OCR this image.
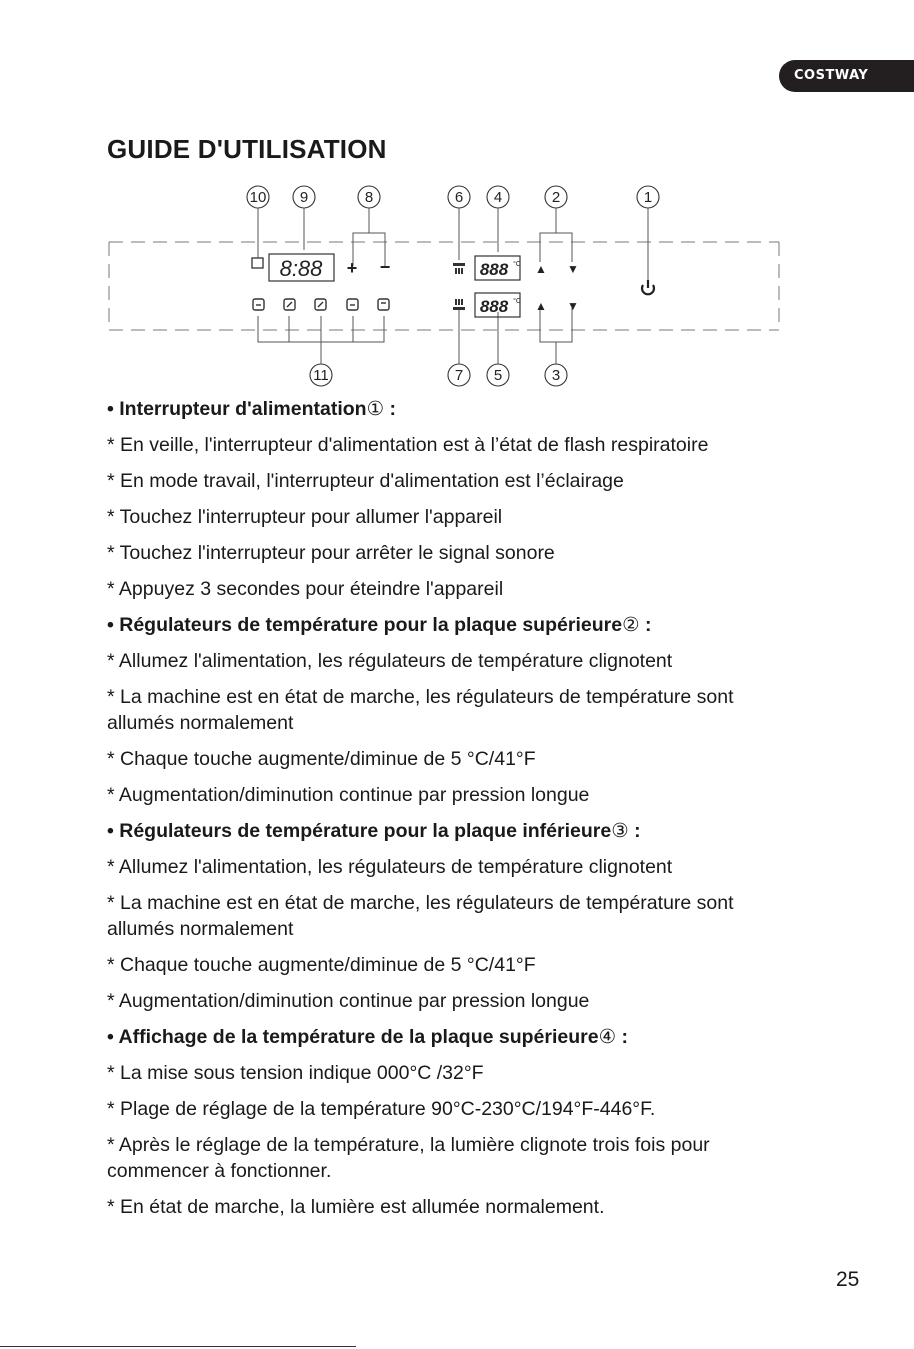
COSTWAY
GUIDE D'UTILISATION
10 9	8	6 4	2	1
11	7 5	3
8:88 + −	888 °C ▲ ▼
888 °C ▲ ▼

• Interrupteur d'alimentation① :

* En veille, l'interrupteur d'alimentation est à l’état de flash respiratoire

* En mode travail, l'interrupteur d'alimentation est l’éclairage

* Touchez l'interrupteur pour allumer l'appareil

* Touchez l'interrupteur pour arrêter le signal sonore

* Appuyez 3 secondes pour éteindre l'appareil

• Régulateurs de température pour la plaque supérieure② :

* Allumez l'alimentation, les régulateurs de température clignotent

* La machine est en état de marche, les régulateurs de température sont allumés normalement

* Chaque touche augmente/diminue de 5 °C/41°F

* Augmentation/diminution continue par pression longue

• Régulateurs de température pour la plaque inférieure③ :

* Allumez l'alimentation, les régulateurs de température clignotent

* La machine est en état de marche, les régulateurs de température sont allumés normalement

* Chaque touche augmente/diminue de 5 °C/41°F

* Augmentation/diminution continue par pression longue

• Affichage de la température de la plaque supérieure④ :

* La mise sous tension indique 000°C /32°F

* Plage de réglage de la température 90°C-230°C/194°F-446°F.

* Après le réglage de la température, la lumière clignote trois fois pour commencer à fonctionner.

* En état de marche, la lumière est allumée normalement.

25
